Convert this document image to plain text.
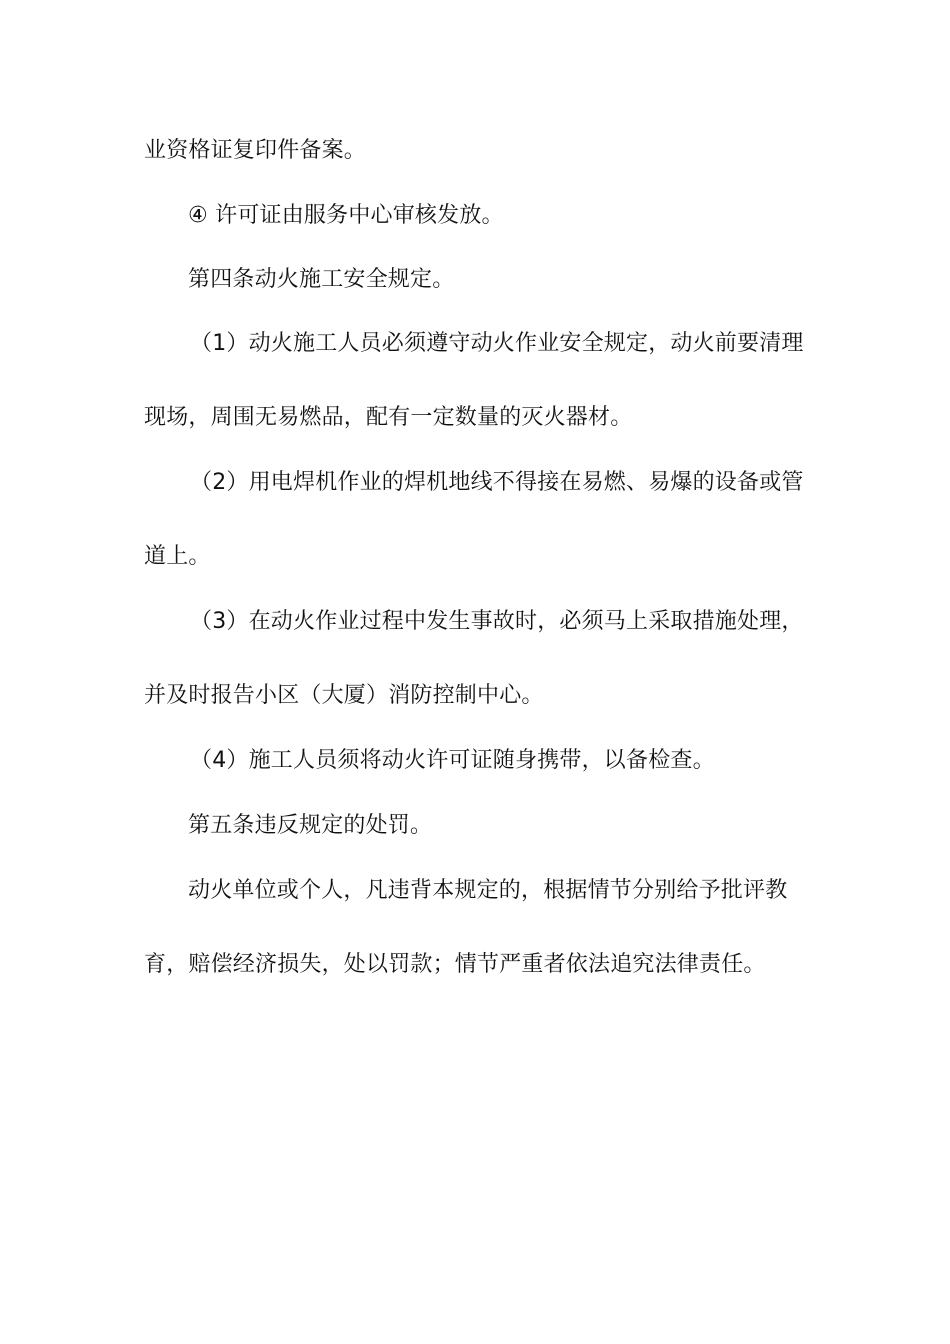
业资格证复印件备案。
④ 许可证由服务中心审核发放。
第四条动火施工安全规定。
（1）动火施工人员必须遵守动火作业安全规定，动火前要清理
现场，周围无易燃品，配有一定数量的灭火器材。
（2）用电焊机作业的焊机地线不得接在易燃、易爆的设备或管
道上。
（3）在动火作业过程中发生事故时，必须马上采取措施处理，
并及时报告小区（大厦）消防控制中心。
（4）施工人员须将动火许可证随身携带，以备检查。
第五条违反规定的处罚。
动火单位或个人，凡违背本规定的，根据情节分别给予批评教
育，赔偿经济损失，处以罚款；情节严重者依法追究法律责任。
